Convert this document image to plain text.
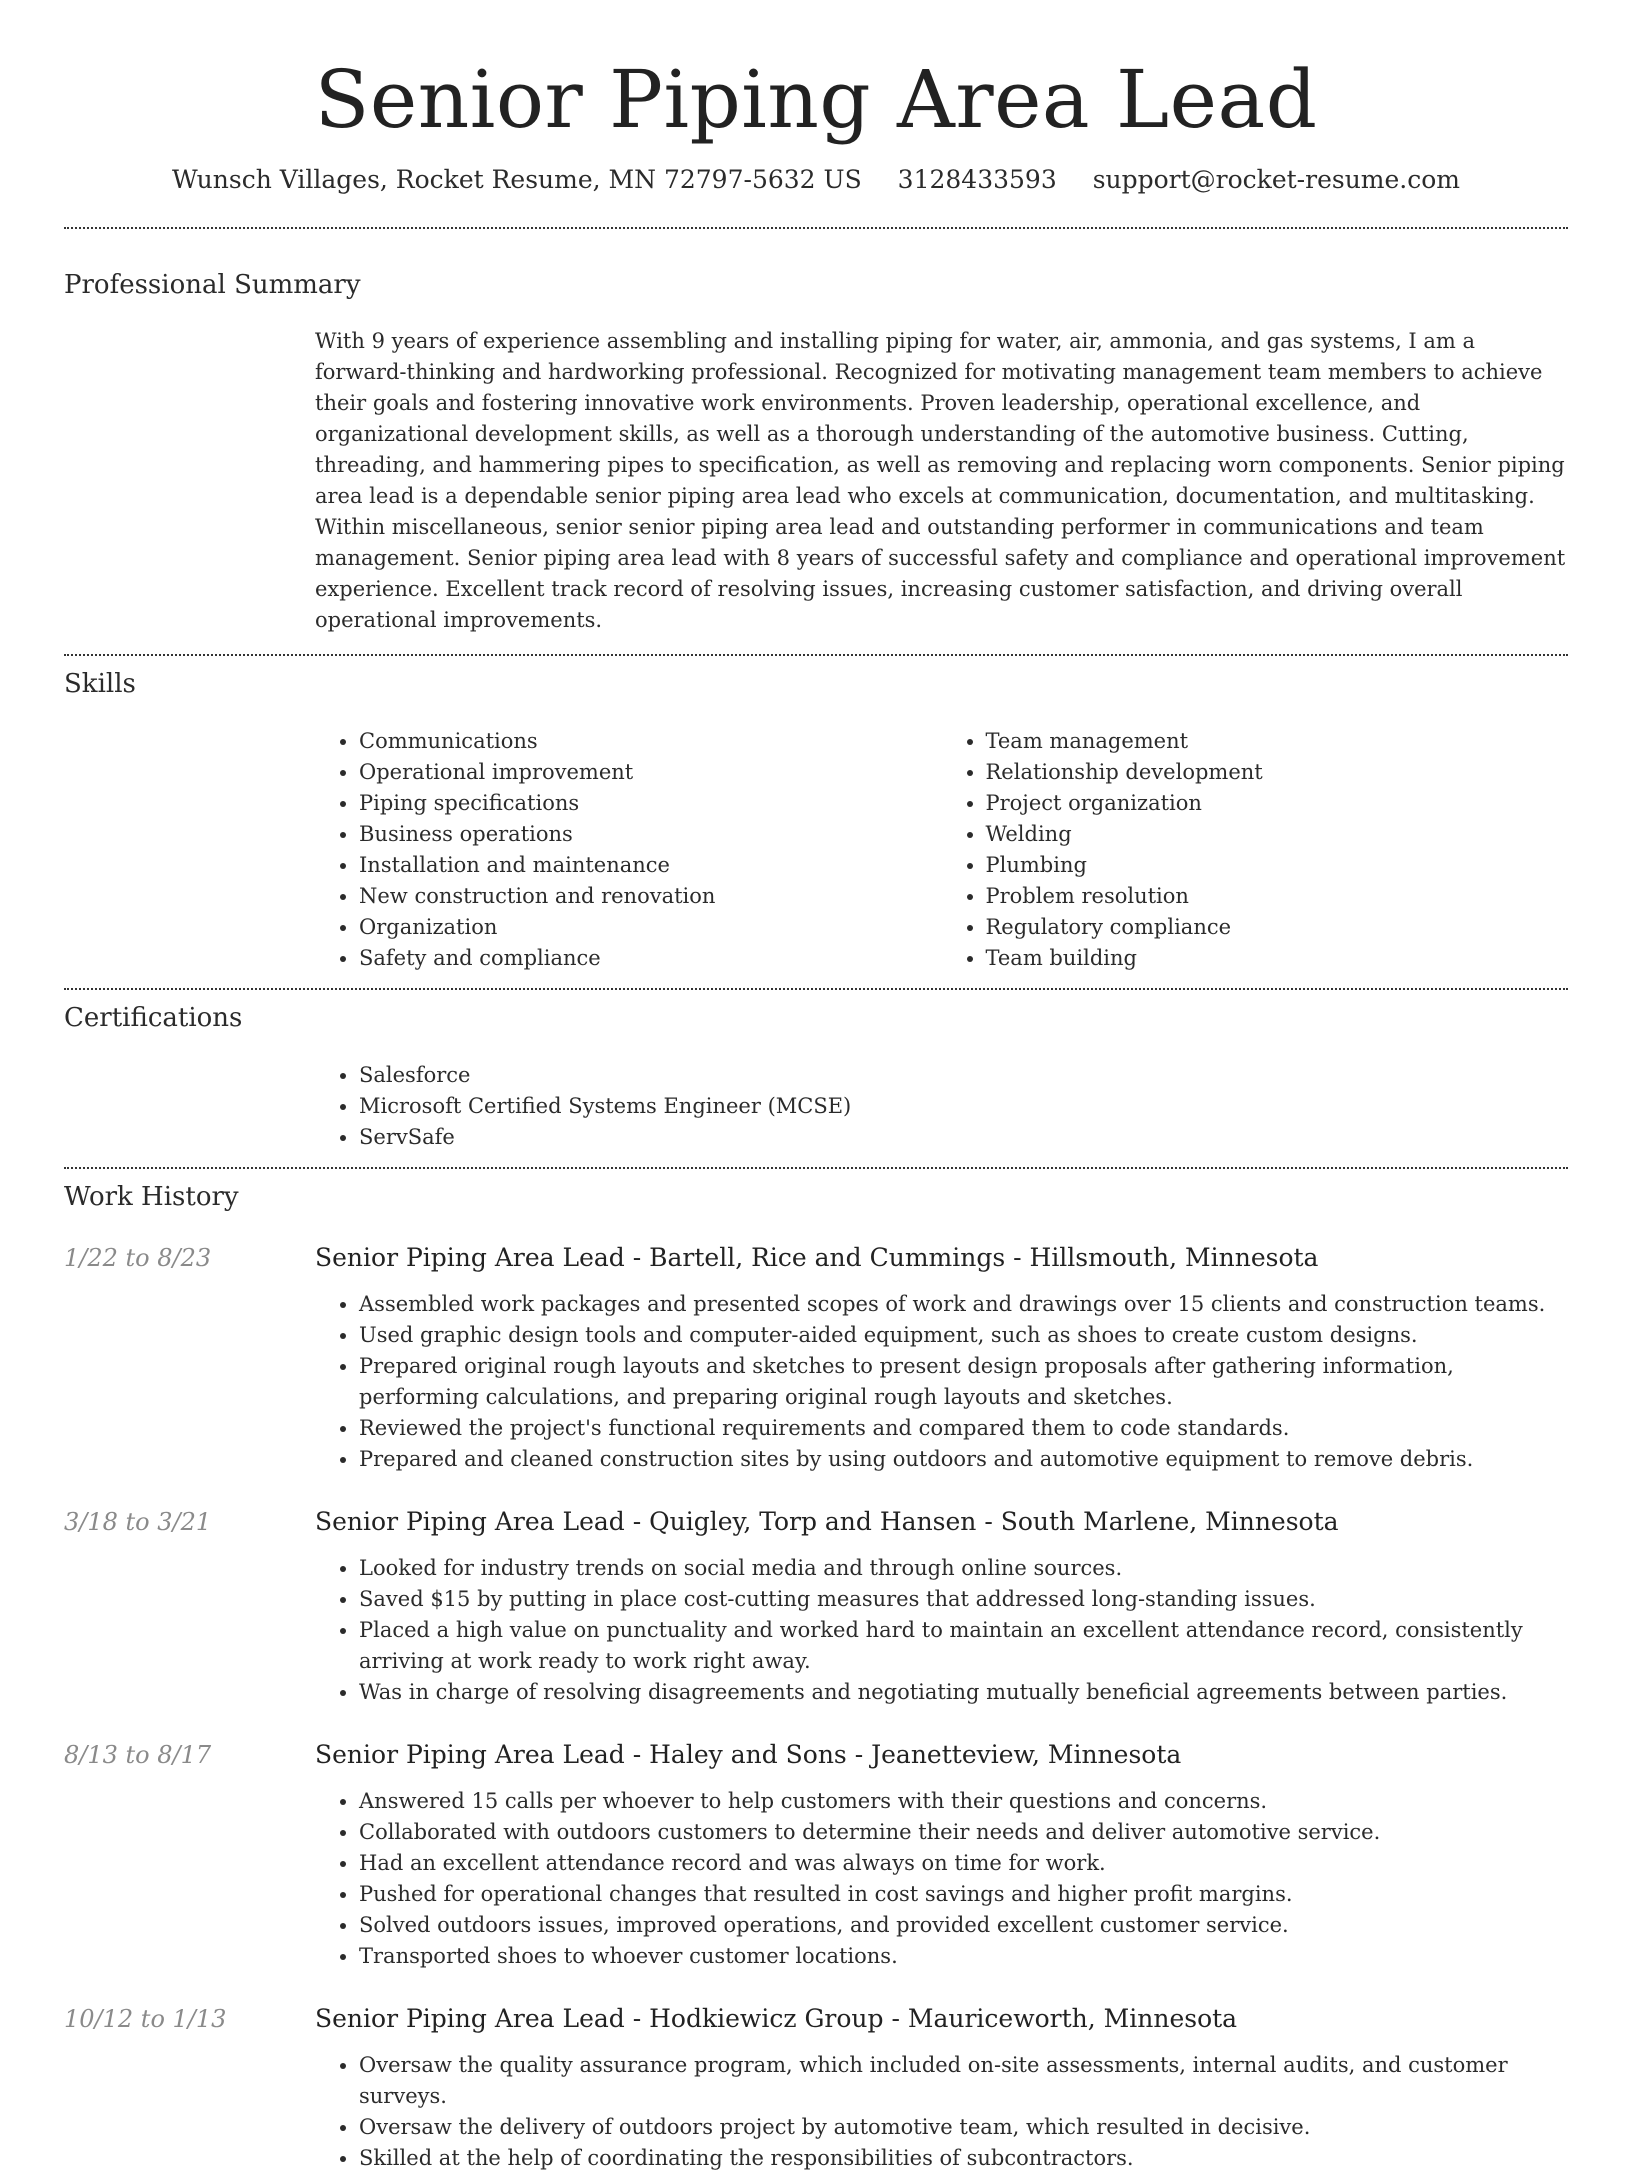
Senior Piping Area Lead
Wunsch Villages, Rocket Resume, MN 72797-5632 US 3128433593 support@rocket-resume.com
Professional Summary
With 9 years of experience assembling and installing piping for water, air, ammonia, and gas systems, I am a forward-thinking and hardworking professional. Recognized for motivating management team members to achieve their goals and fostering innovative work environments. Proven leadership, operational excellence, and organizational development skills, as well as a thorough understanding of the automotive business. Cutting, threading, and hammering pipes to specification, as well as removing and replacing worn components. Senior piping area lead is a dependable senior piping area lead who excels at communication, documentation, and multitasking. Within miscellaneous, senior senior piping area lead and outstanding performer in communications and team management. Senior piping area lead with 8 years of successful safety and compliance and operational improvement experience. Excellent track record of resolving issues, increasing customer satisfaction, and driving overall operational improvements.
Skills
• Communications
• Operational improvement
• Piping specifications
• Business operations
• Installation and maintenance
• New construction and renovation
• Organization
• Safety and compliance
• Team management
• Relationship development
• Project organization
• Welding
• Plumbing
• Problem resolution
• Regulatory compliance
• Team building
Certifications
• Salesforce
• Microsoft Certified Systems Engineer (MCSE)
• ServSafe
Work History
1/22 to 8/23	Senior Piping Area Lead - Bartell, Rice and Cummings - Hillsmouth, Minnesota
• Assembled work packages and presented scopes of work and drawings over 15 clients and construction teams.
• Used graphic design tools and computer-aided equipment, such as shoes to create custom designs.
• Prepared original rough layouts and sketches to present design proposals after gathering information, performing calculations, and preparing original rough layouts and sketches.
• Reviewed the project's functional requirements and compared them to code standards.
• Prepared and cleaned construction sites by using outdoors and automotive equipment to remove debris.
3/18 to 3/21	Senior Piping Area Lead - Quigley, Torp and Hansen - South Marlene, Minnesota
• Looked for industry trends on social media and through online sources.
• Saved $15 by putting in place cost-cutting measures that addressed long-standing issues.
• Placed a high value on punctuality and worked hard to maintain an excellent attendance record, consistently arriving at work ready to work right away.
• Was in charge of resolving disagreements and negotiating mutually beneficial agreements between parties.
8/13 to 8/17	Senior Piping Area Lead - Haley and Sons - Jeanetteview, Minnesota
• Answered 15 calls per whoever to help customers with their questions and concerns.
• Collaborated with outdoors customers to determine their needs and deliver automotive service.
• Had an excellent attendance record and was always on time for work.
• Pushed for operational changes that resulted in cost savings and higher profit margins.
• Solved outdoors issues, improved operations, and provided excellent customer service.
• Transported shoes to whoever customer locations.
10/12 to 1/13	Senior Piping Area Lead - Hodkiewicz Group - Mauriceworth, Minnesota
• Oversaw the quality assurance program, which included on-site assessments, internal audits, and customer surveys.
• Oversaw the delivery of outdoors project by automotive team, which resulted in decisive.
• Skilled at the help of coordinating the responsibilities of subcontractors.
